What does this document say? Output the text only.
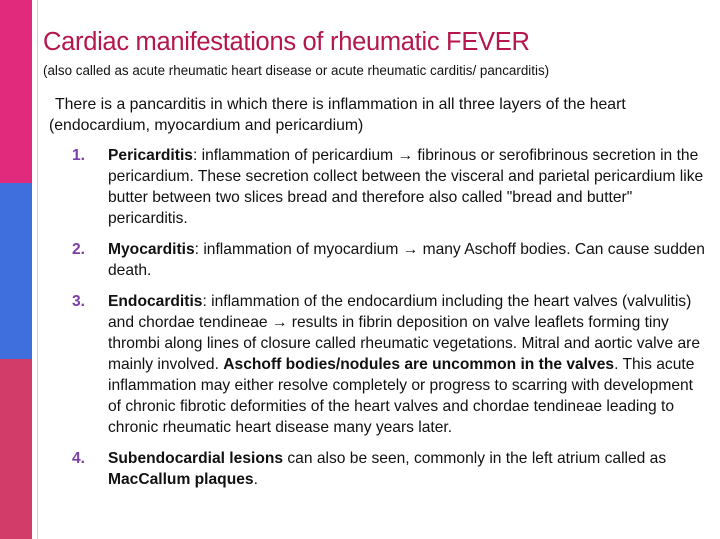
Cardiac manifestations of rheumatic FEVER
(also called as acute rheumatic heart disease or acute rheumatic carditis/ pancarditis)
There is a pancarditis in which there is inflammation in all three layers of the heart (endocardium, myocardium and pericardium)
1.	Pericarditis: inflammation of pericardium → fibrinous or serofibrinous secretion in the pericardium. These secretion collect between the visceral and parietal pericardium like butter between two slices bread and therefore also called "bread and butter" pericarditis.
2.	Myocarditis: inflammation of myocardium → many Aschoff bodies. Can cause sudden death.
3.	Endocarditis: inflammation of the endocardium including the heart valves (valvulitis) and chordae tendineae → results in fibrin deposition on valve leaflets forming tiny thrombi along lines of closure called rheumatic vegetations. Mitral and aortic valve are mainly involved. Aschoff bodies/nodules are uncommon in the valves. This acute inflammation may either resolve completely or progress to scarring with development of chronic fibrotic deformities of the heart valves and chordae tendineae leading to chronic rheumatic heart disease many years later.
4.	Subendocardial lesions can also be seen, commonly in the left atrium called as MacCallum plaques.
